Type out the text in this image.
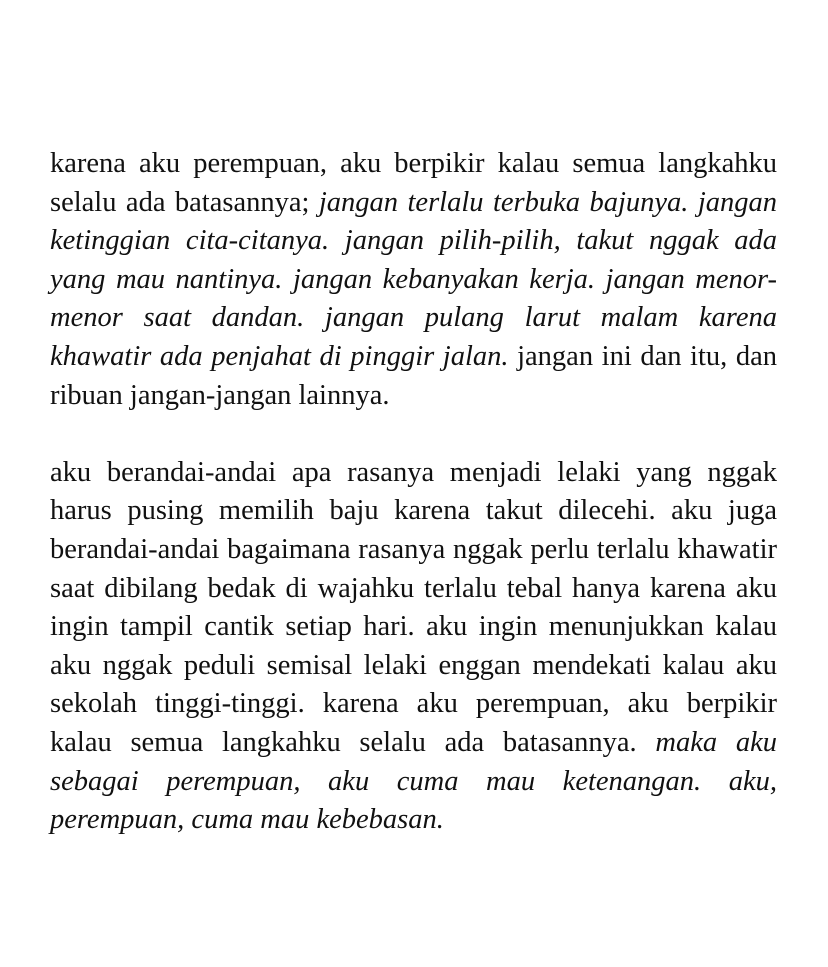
karena aku perempuan, aku berpikir kalau semua langkahku selalu ada batasannya; jangan terlalu terbuka bajunya. jangan ketinggian cita-citanya. jangan pilih-pilih, takut nggak ada yang mau nantinya. jangan kebanyakan kerja. jangan menor-menor saat dandan. jangan pulang larut malam karena khawatir ada penjahat di pinggir jalan. jangan ini dan itu, dan ribuan jangan-jangan lainnya.

aku berandai-andai apa rasanya menjadi lelaki yang nggak harus pusing memilih baju karena takut dilecehi. aku juga berandai-andai bagaimana rasanya nggak perlu terlalu khawatir saat dibilang bedak di wajahku terlalu tebal hanya karena aku ingin tampil cantik setiap hari. aku ingin menunjukkan kalau aku nggak peduli semisal lelaki enggan mendekati kalau aku sekolah tinggi-tinggi. karena aku perempuan, aku berpikir kalau semua langkahku selalu ada batasannya. maka aku sebagai perempuan, aku cuma mau ketenangan. aku, perempuan, cuma mau kebebasan.
